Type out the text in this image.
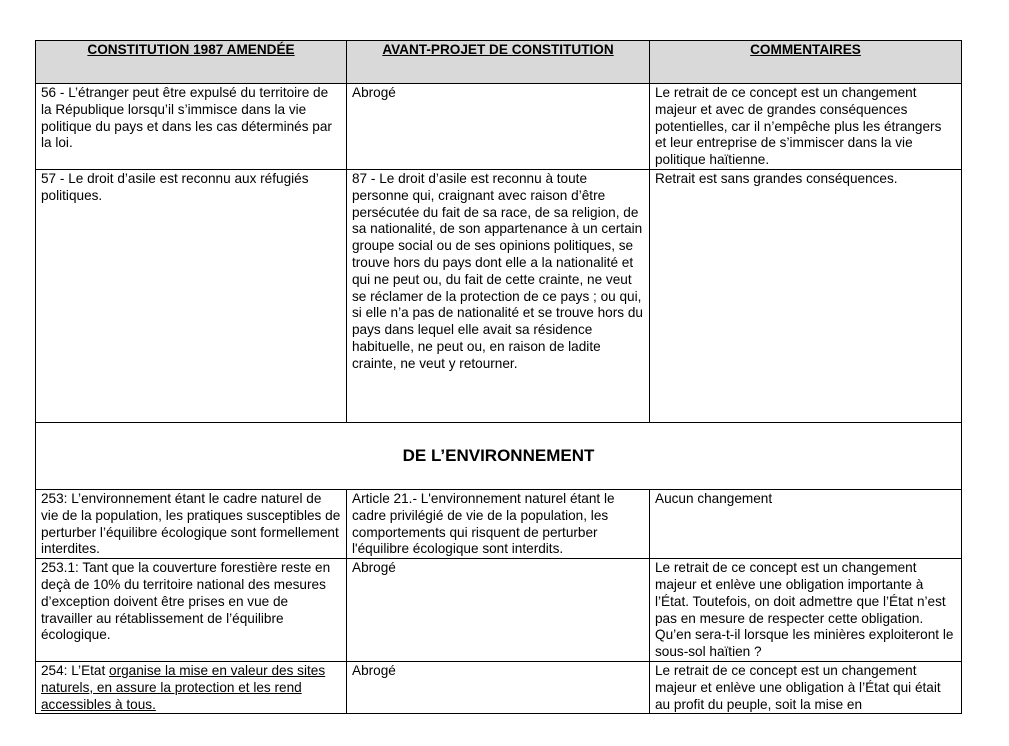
CONSTITUTION 1987 AMENDÉE	AVANT-PROJET DE CONSTITUTION	COMMENTAIRES
56 - L’étranger peut être expulsé du territoire de la République lorsqu’il s’immisce dans la vie politique du pays et dans les cas déterminés par la loi.	Abrogé	Le retrait de ce concept est un changement majeur et avec de grandes conséquences potentielles, car il n’empêche plus les étrangers et leur entreprise de s’immiscer dans la vie politique haïtienne.
57 - Le droit d’asile est reconnu aux réfugiés politiques.	87 - Le droit d’asile est reconnu à toute personne qui, craignant avec raison d’être persécutée du fait de sa race, de sa religion, de sa nationalité, de son appartenance à un certain groupe social ou de ses opinions politiques, se trouve hors du pays dont elle a la nationalité et qui ne peut ou, du fait de cette crainte, ne veut se réclamer de la protection de ce pays ; ou qui, si elle n’a pas de nationalité et se trouve hors du pays dans lequel elle avait sa résidence habituelle, ne peut ou, en raison de ladite crainte, ne veut y retourner.	Retrait est sans grandes conséquences.
DE L’ENVIRONNEMENT		
253: L’environnement étant le cadre naturel de vie de la population, les pratiques susceptibles de perturber l’équilibre écologique sont formellement interdites.	Article 21.- L'environnement naturel étant le cadre privilégié de vie de la population, les comportements qui risquent de perturber l'équilibre écologique sont interdits.	Aucun changement
253.1: Tant que la couverture forestière reste en deçà de 10% du territoire national des mesures d’exception doivent être prises en vue de travailler au rétablissement de l’équilibre écologique.	Abrogé	Le retrait de ce concept est un changement majeur et enlève une obligation importante à l’État. Toutefois, on doit admettre que l’État n’est pas en mesure de respecter cette obligation. Qu’en sera-t-il lorsque les minières exploiteront le sous-sol haïtien ?
254: L’Etat organise la mise en valeur des sites naturels, en assure la protection et les rend accessibles à tous.	Abrogé	Le retrait de ce concept est un changement majeur et enlève une obligation à l’État qui était au profit du peuple, soit la mise en
